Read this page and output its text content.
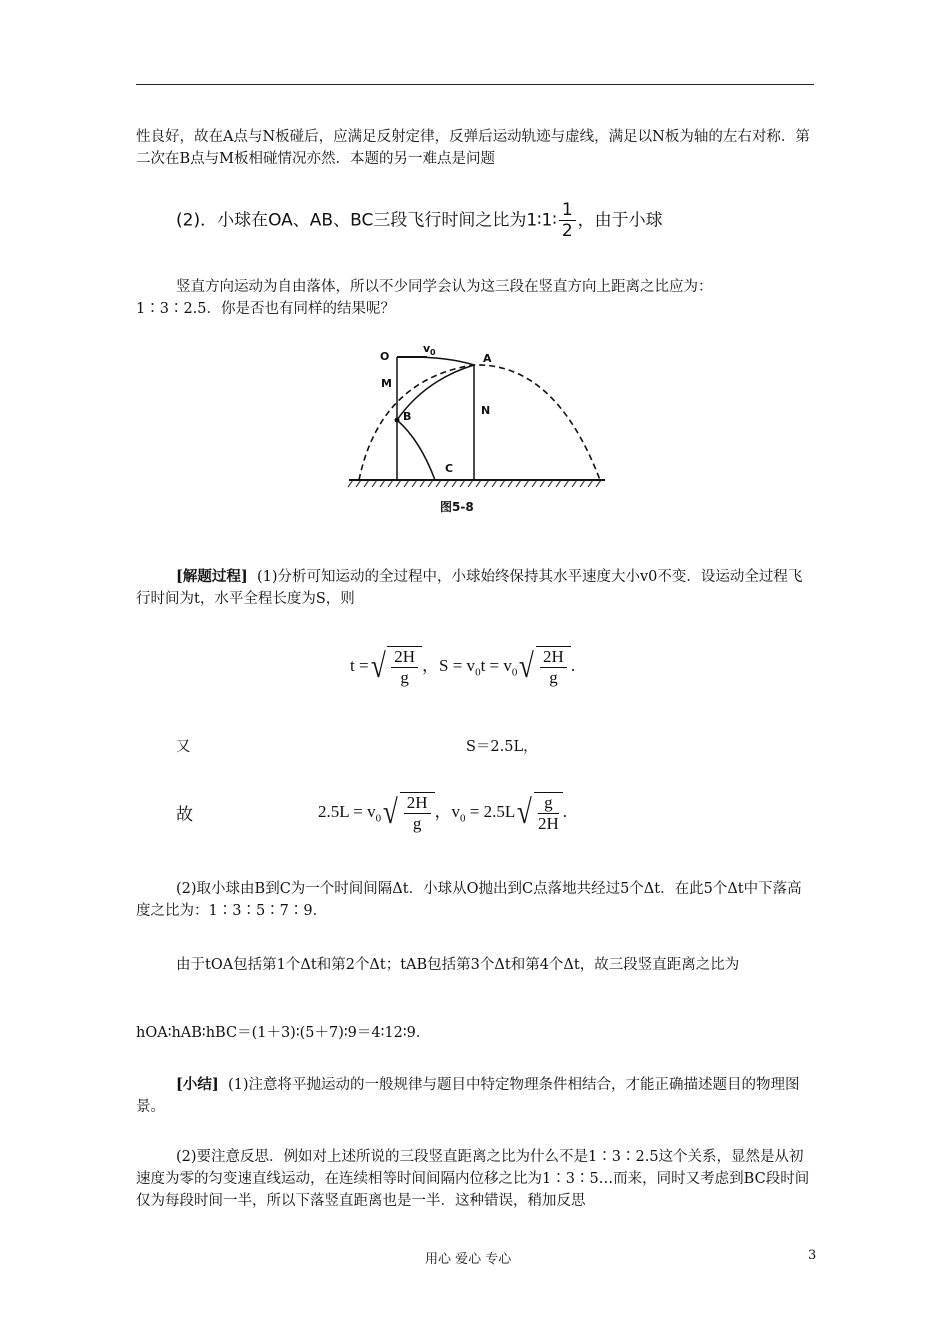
性良好，故在A点与N板碰后，应满足反射定律，反弹后运动轨迹与虚线，满足以N板为轴的左右对称．第二次在B点与M板相碰情况亦然．本题的另一难点是问题

(2)．小球在OA、AB、BC三段飞行时间之比为1∶1∶ $\frac{1}{2}$ ，由于小球

竖直方向运动为自由落体，所以不少同学会认为这三段在竖直方向上距离之比应为：

1∶3∶2.5．你是否也有同样的结果呢？

O
v 0	A
M
N
B
C
图5-8

[解题过程] (1)分析可知运动的全过程中，小球始终保持其水平速度大小v0不变．设运动全过程飞行时间为t，水平全程长度为S，则

t =√ $\frac{2H}{g}$ ，$S = v_0t = v_0√ \frac{2H}{g}$ .
又	S＝2.5L，
故	$2.5L = v_0√ \frac{2H}{g}$ ，$v_0 = 2.5L√ \frac{g}{2H}$ .

(2)取小球由B到C为一个时间间隔Δt．小球从O抛出到C点落地共经过5个Δt．在此5个Δt中下落高度之比为：1∶3∶5∶7∶9．

由于tOA包括第1个Δt和第2个Δt；tAB包括第3个Δt和第4个Δt，故三段竖直距离之比为

hOA∶hAB∶hBC＝(1＋3)∶(5＋7)∶9＝4∶12∶9．

[小结] (1)注意将平抛运动的一般规律与题目中特定物理条件相结合，才能正确描述题目的物理图景。

(2)要注意反思．例如对上述所说的三段竖直距离之比为什么不是1∶3∶2.5这个关系，显然是从初速度为零的匀变速直线运动，在连续相等时间间隔内位移之比为1∶3∶5…而来，同时又考虑到BC段时间仅为每段时间一半，所以下落竖直距离也是一半．这种错误，稍加反思

用心 爱心 专心	3
